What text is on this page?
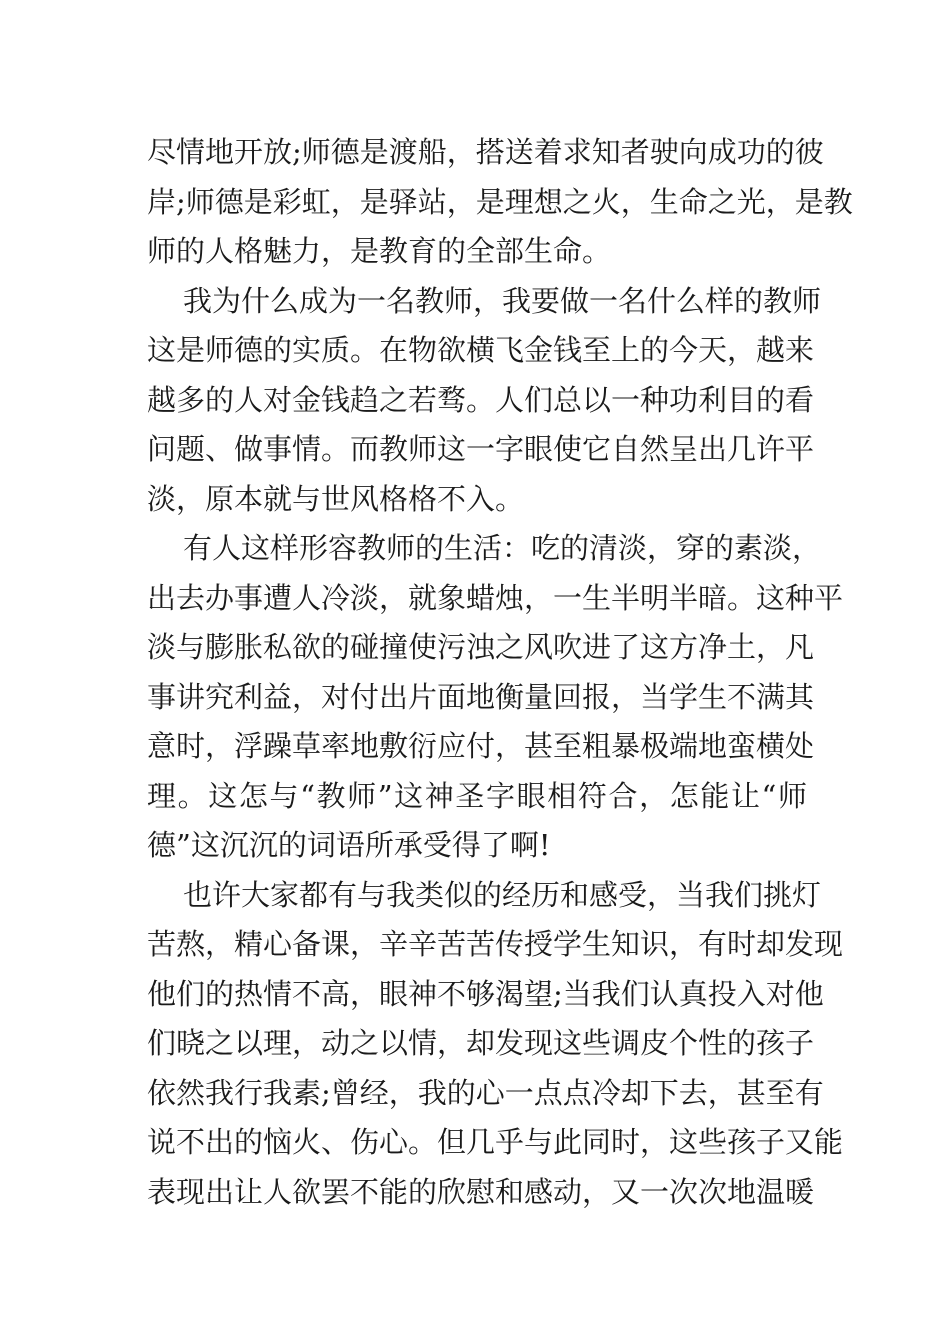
尽情地开放;师德是渡船，搭送着求知者驶向成功的彼
岸;师德是彩虹，是驿站，是理想之火，生命之光，是教
师的人格魅力，是教育的全部生命。
我为什么成为一名教师，我要做一名什么样的教师
这是师德的实质。在物欲横飞金钱至上的今天，越来
越多的人对金钱趋之若骛。人们总以一种功利目的看
问题、做事情。而教师这一字眼使它自然呈出几许平
淡，原本就与世风格格不入。
有人这样形容教师的生活：吃的清淡，穿的素淡，
出去办事遭人冷淡，就象蜡烛，一生半明半暗。这种平
淡与膨胀私欲的碰撞使污浊之风吹进了这方净土，凡
事讲究利益，对付出片面地衡量回报，当学生不满其
意时，浮躁草率地敷衍应付，甚至粗暴极端地蛮横处
理。这怎与“教师”这神圣字眼相符合，怎能让“师
德”这沉沉的词语所承受得了啊!
也许大家都有与我类似的经历和感受，当我们挑灯
苦熬，精心备课，辛辛苦苦传授学生知识，有时却发现
他们的热情不高，眼神不够渴望;当我们认真投入对他
们晓之以理，动之以情，却发现这些调皮个性的孩子
依然我行我素;曾经，我的心一点点冷却下去，甚至有
说不出的恼火、伤心。但几乎与此同时，这些孩子又能
表现出让人欲罢不能的欣慰和感动，又一次次地温暖
